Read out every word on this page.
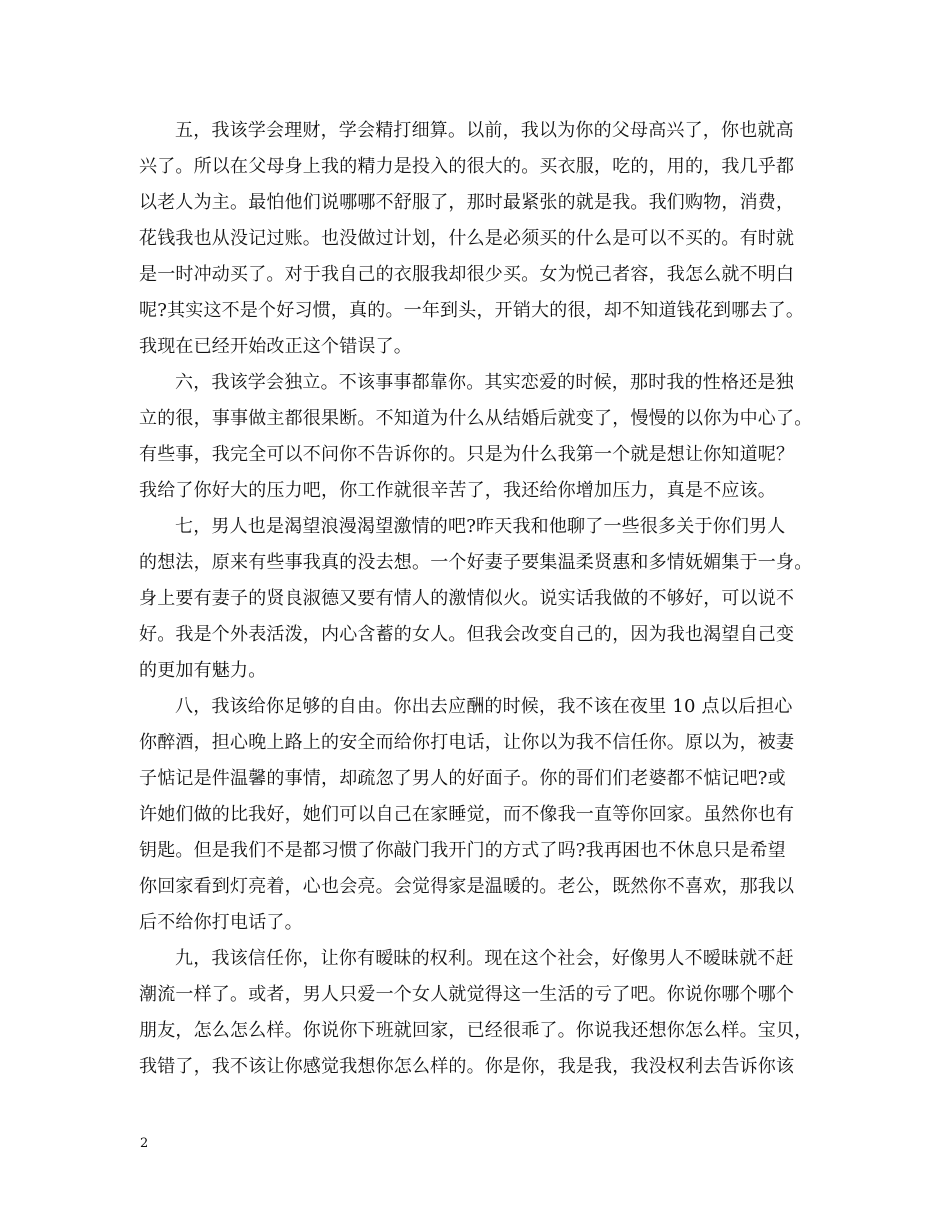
五，我该学会理财，学会精打细算。以前，我以为你的父母高兴了，你也就高
兴了。所以在父母身上我的精力是投入的很大的。买衣服，吃的，用的，我几乎都
以老人为主。最怕他们说哪哪不舒服了，那时最紧张的就是我。我们购物，消费，
花钱我也从没记过账。也没做过计划，什么是必须买的什么是可以不买的。有时就
是一时冲动买了。对于我自己的衣服我却很少买。女为悦己者容，我怎么就不明白
呢?其实这不是个好习惯，真的。一年到头，开销大的很，却不知道钱花到哪去了。
我现在已经开始改正这个错误了。
六，我该学会独立。不该事事都靠你。其实恋爱的时候，那时我的性格还是独
立的很，事事做主都很果断。不知道为什么从结婚后就变了，慢慢的以你为中心了。
有些事，我完全可以不问你不告诉你的。只是为什么我第一个就是想让你知道呢？
我给了你好大的压力吧，你工作就很辛苦了，我还给你增加压力，真是不应该。
七，男人也是渴望浪漫渴望激情的吧?昨天我和他聊了一些很多关于你们男人
的想法，原来有些事我真的没去想。一个好妻子要集温柔贤惠和多情妩媚集于一身。
身上要有妻子的贤良淑德又要有情人的激情似火。说实话我做的不够好，可以说不
好。我是个外表活泼，内心含蓄的女人。但我会改变自己的，因为我也渴望自己变
的更加有魅力。
八，我该给你足够的自由。你出去应酬的时候，我不该在夜里 10 点以后担心
你醉酒，担心晚上路上的安全而给你打电话，让你以为我不信任你。原以为，被妻
子惦记是件温馨的事情，却疏忽了男人的好面子。你的哥们们老婆都不惦记吧?或
许她们做的比我好，她们可以自己在家睡觉，而不像我一直等你回家。虽然你也有
钥匙。但是我们不是都习惯了你敲门我开门的方式了吗?我再困也不休息只是希望
你回家看到灯亮着，心也会亮。会觉得家是温暖的。老公，既然你不喜欢，那我以
后不给你打电话了。
九，我该信任你，让你有暧昧的权利。现在这个社会，好像男人不暧昧就不赶
潮流一样了。或者，男人只爱一个女人就觉得这一生活的亏了吧。你说你哪个哪个
朋友，怎么怎么样。你说你下班就回家，已经很乖了。你说我还想你怎么样。宝贝，
我错了，我不该让你感觉我想你怎么样的。你是你，我是我，我没权利去告诉你该
2
